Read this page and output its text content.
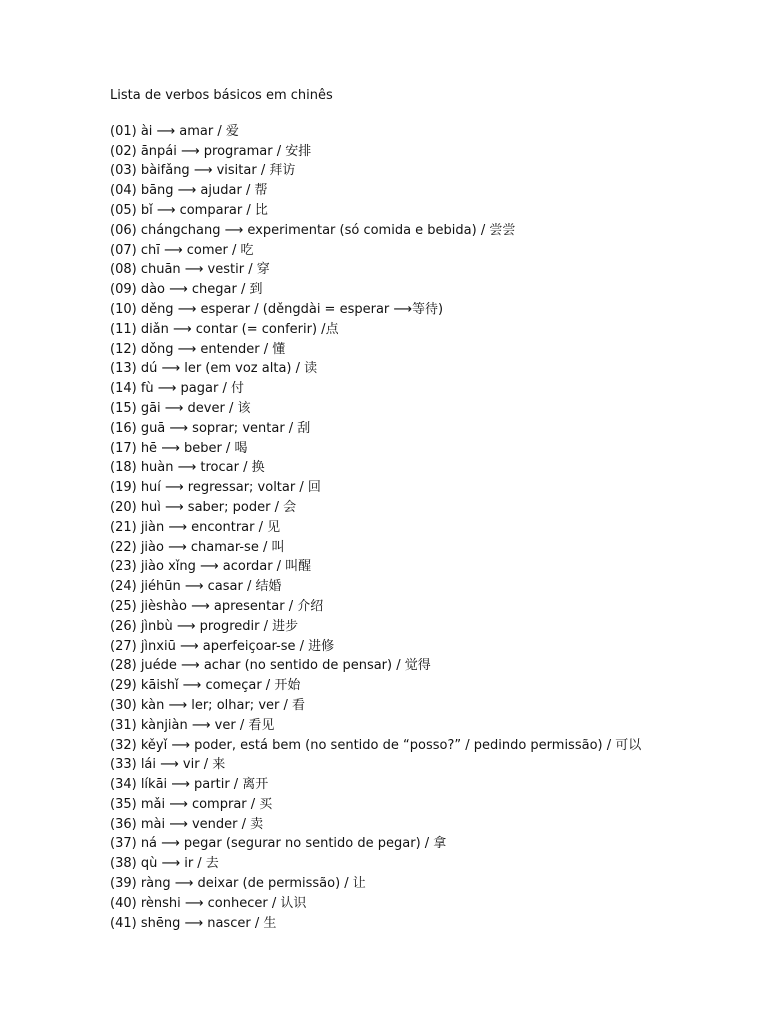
Lista de verbos básicos em chinês
(01) ài ⟶ amar / 爱
(02) ānpái ⟶ programar / 安排
(03) bàifǎng ⟶ visitar / 拜访
(04) bāng ⟶ ajudar / 帮
(05) bǐ ⟶ comparar / 比
(06) chángchang ⟶ experimentar (só comida e bebida) / 尝尝
(07) chī ⟶ comer / 吃
(08) chuān ⟶ vestir / 穿
(09) dào ⟶ chegar / 到
(10) děng ⟶ esperar / (děngdài = esperar ⟶等待)
(11) diǎn ⟶ contar (= conferir) /点
(12) dǒng ⟶ entender / 懂
(13) dú ⟶ ler (em voz alta) / 读
(14) fù ⟶ pagar / 付
(15) gāi ⟶ dever / 该
(16) guā ⟶ soprar; ventar / 刮
(17) hē ⟶ beber / 喝
(18) huàn ⟶ trocar / 换
(19) huí ⟶ regressar; voltar / 回
(20) huì ⟶ saber; poder / 会
(21) jiàn ⟶ encontrar / 见
(22) jiào ⟶ chamar-se / 叫
(23) jiào xǐng ⟶ acordar / 叫醒
(24) jiéhūn ⟶ casar / 结婚
(25) jièshào ⟶ apresentar / 介绍
(26) jìnbù ⟶ progredir / 进步
(27) jìnxiū ⟶ aperfeiçoar-se / 进修
(28) juéde ⟶ achar (no sentido de pensar) / 觉得
(29) kāishǐ ⟶ começar / 开始
(30) kàn ⟶ ler; olhar; ver / 看
(31) kànjiàn ⟶ ver / 看见
(32) kěyǐ ⟶ poder, está bem (no sentido de “posso?” / pedindo permissão) / 可以
(33) lái ⟶ vir / 来
(34) líkāi ⟶ partir / 离开
(35) mǎi ⟶ comprar / 买
(36) mài ⟶ vender / 卖
(37) ná ⟶ pegar (segurar no sentido de pegar) / 拿
(38) qù ⟶ ir / 去
(39) ràng ⟶ deixar (de permissão) / 让
(40) rènshi ⟶ conhecer / 认识
(41) shēng ⟶ nascer / 生
